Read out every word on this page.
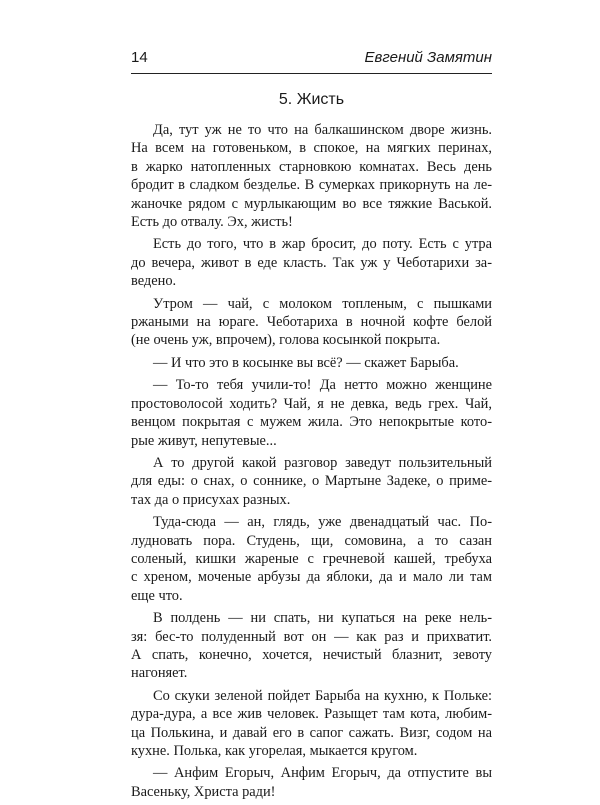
14	Евгений Замятин
5. Жисть
Да, тут уж не то что на балкашинском дворе жизнь.
На всем на готовеньком, в спокое, на мягких перинах,
в жарко натопленных старновкою комнатах. Весь день
бродит в сладком безделье. В сумерках прикорнуть на ле-
жаночке рядом с мурлыкающим во все тяжкие Васькой.
Есть до отвалу. Эх, жисть!
Есть до того, что в жар бросит, до поту. Есть с утра
до вечера, живот в еде класть. Так уж у Чеботарихи за-
ведено.
Утром — чай, с молоком топленым, с пышками
ржаными на юраге. Чеботариха в ночной кофте белой
(не очень уж, впрочем), голова косынкой покрыта.
— И что это в косынке вы всё? — скажет Барыба.
— То-то тебя учили-то! Да нетто можно женщине
простоволосой ходить? Чай, я не девка, ведь грех. Чай,
венцом покрытая с мужем жила. Это непокрытые кото-
рые живут, непутевые...
А то другой какой разговор заведут пользительный
для еды: о снах, о соннике, о Мартыне Задеке, о приме-
тах да о присухах разных.
Туда-сюда — ан, глядь, уже двенадцатый час. По-
лудновать пора. Студень, щи, сомовина, а то сазан
соленый, кишки жареные с гречневой кашей, требуха
с хреном, моченые арбузы да яблоки, да и мало ли там
еще что.
В полдень — ни спать, ни купаться на реке нель-
зя: бес-то полуденный вот он — как раз и прихватит.
А спать, конечно, хочется, нечистый блазнит, зевоту
нагоняет.
Со скуки зеленой пойдет Барыба на кухню, к Польке:
дура-дура, а все жив человек. Разыщет там кота, любим-
ца Полькина, и давай его в сапог сажать. Визг, содом на
кухне. Полька, как угорелая, мыкается кругом.
— Анфим Егорыч, Анфим Егорыч, да отпустите вы
Васеньку, Христа ради!
